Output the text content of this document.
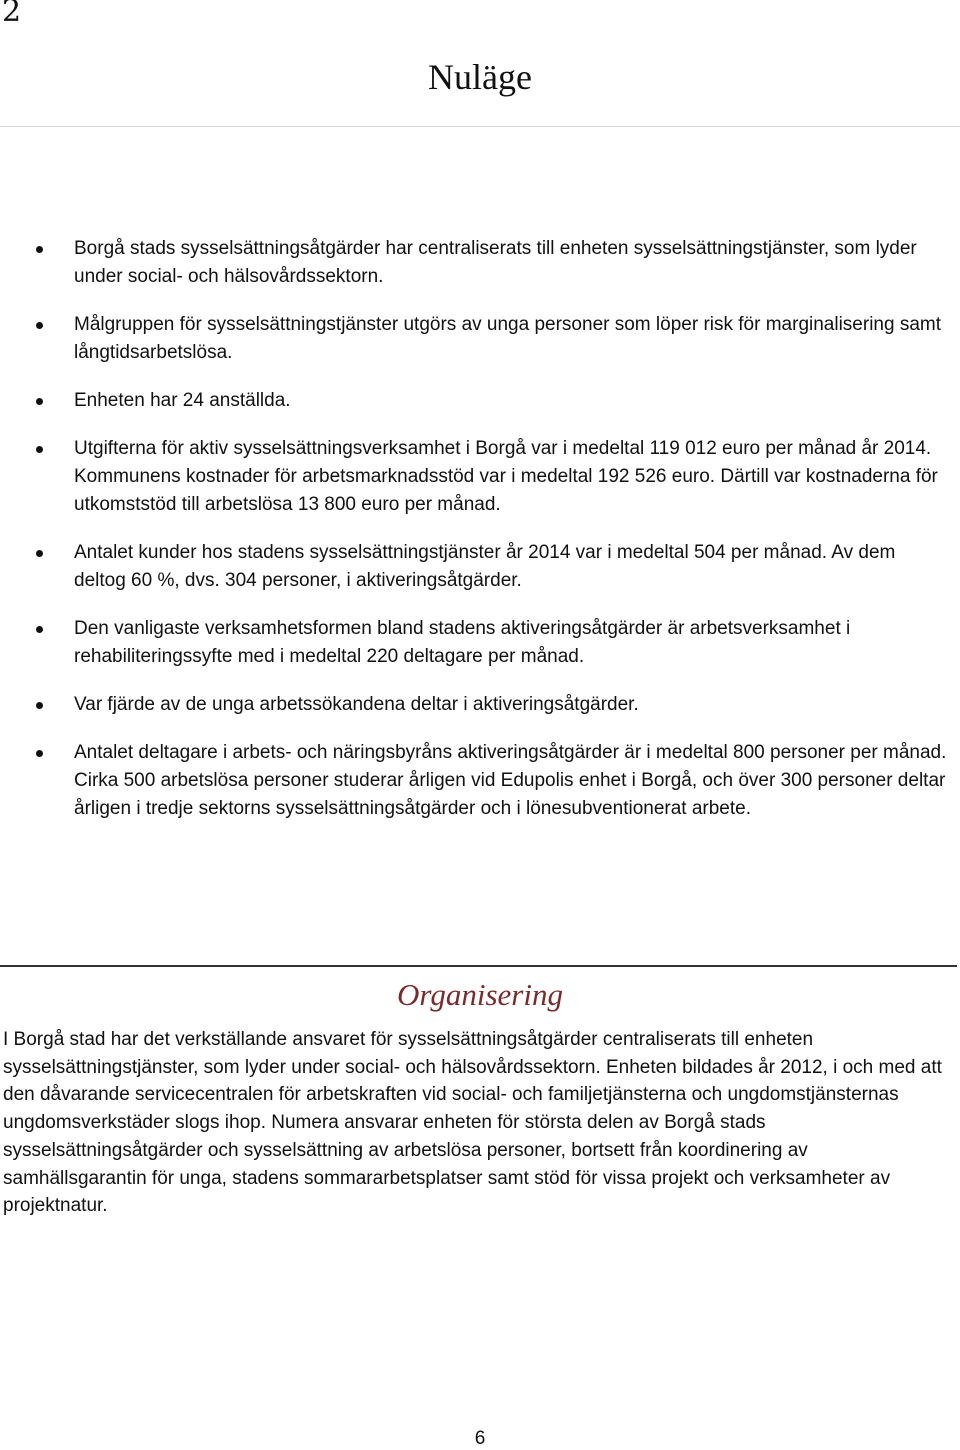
2
Nuläge
Borgå stads sysselsättningsåtgärder har centraliserats till enheten sysselsättningstjänster, som lyder under social- och hälsovårdssektorn.
Målgruppen för sysselsättningstjänster utgörs av unga personer som löper risk för marginalisering samt långtidsarbetslösa.
Enheten har 24 anställda.
Utgifterna för aktiv sysselsättningsverksamhet i Borgå var i medeltal 119 012 euro per månad år 2014. Kommunens kostnader för arbetsmarknadsstöd var i medeltal 192 526 euro. Därtill var kostnaderna för utkomststöd till arbetslösa 13 800 euro per månad.
Antalet kunder hos stadens sysselsättningstjänster år 2014 var i medeltal 504 per månad. Av dem deltog 60 %, dvs. 304 personer, i aktiveringsåtgärder.
Den vanligaste verksamhetsformen bland stadens aktiveringsåtgärder är arbetsverksamhet i rehabiliteringssyfte med i medeltal 220 deltagare per månad.
Var fjärde av de unga arbetssökandena deltar i aktiveringsåtgärder.
Antalet deltagare i arbets- och näringsbyråns aktiveringsåtgärder är i medeltal 800 personer per månad. Cirka 500 arbetslösa personer studerar årligen vid Edupolis enhet i Borgå, och över 300 personer deltar årligen i tredje sektorns sysselsättningsåtgärder och i lönesubventionerat arbete.
Organisering

I Borgå stad har det verkställande ansvaret för sysselsättningsåtgärder centraliserats till enheten sysselsättningstjänster, som lyder under social- och hälsovårdssektorn. Enheten bildades år 2012, i och med att den dåvarande servicecentralen för arbetskraften vid social- och familjetjänsterna och ungdomstjänsternas ungdomsverkstäder slogs ihop. Numera ansvarar enheten för största delen av Borgå stads sysselsättningsåtgärder och sysselsättning av arbetslösa personer, bortsett från koordinering av samhällsgarantin för unga, stadens sommararbetsplatser samt stöd för vissa projekt och verksamheter av projektnatur.

6
